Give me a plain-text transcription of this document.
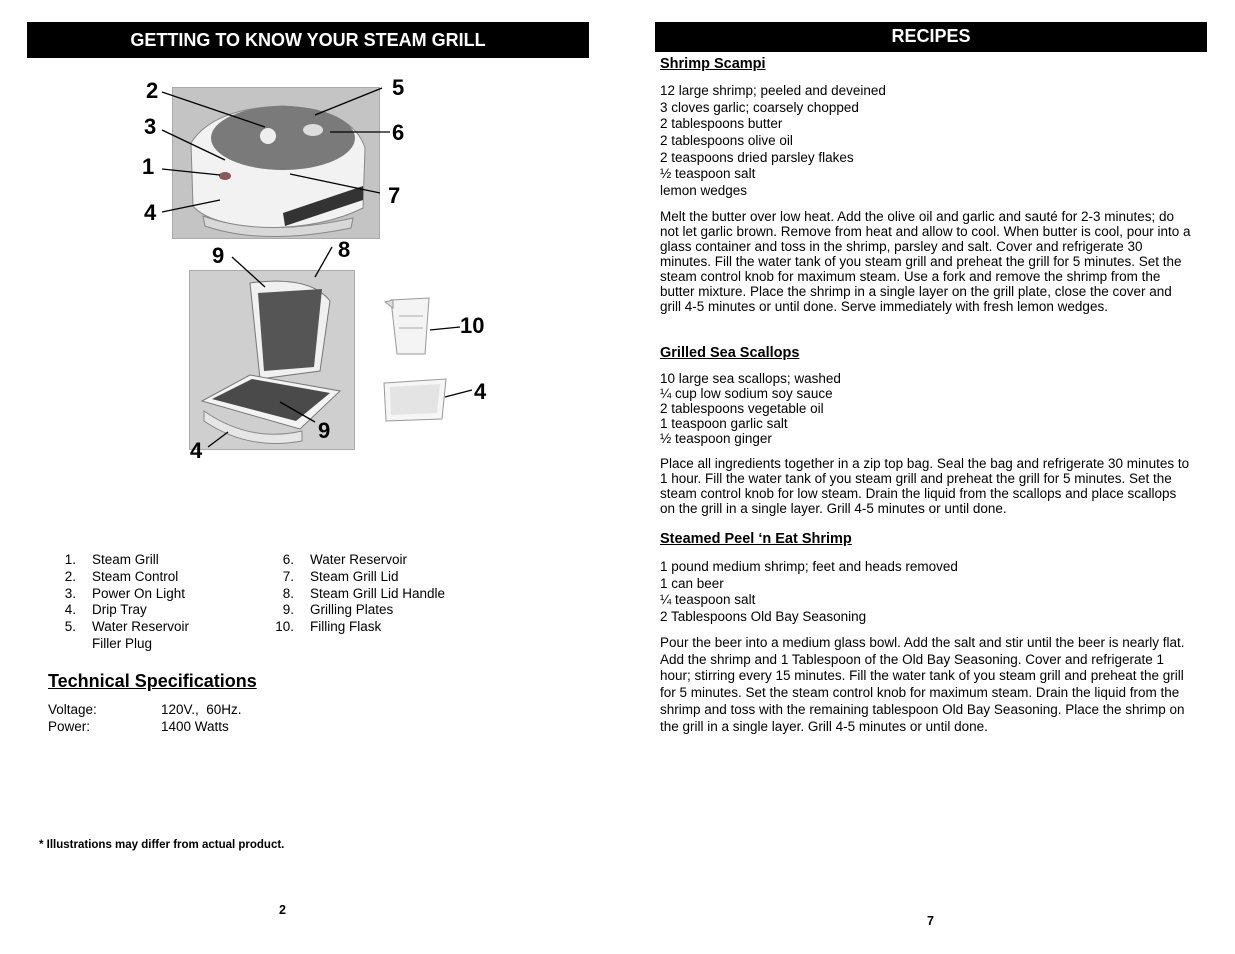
GETTING TO KNOW YOUR STEAM GRILL
2	5
3	6
1
7
4
9	8
10
4
9
4
1.	Steam Grill
2.	Steam Control
3.	Power On Light
4.	Drip Tray
5.	Water Reservoir Filler Plug
6.	Water Reservoir
7.	Steam Grill Lid
8.	Steam Grill Lid Handle
9.	Grilling Plates
10.	Filling Flask
Technical Specifications
Voltage:	120V.,  60Hz.
Power:	1400 Watts
* Illustrations may differ from actual product.
2
RECIPES
Shrimp Scampi
12 large shrimp; peeled and deveined
3 cloves garlic; coarsely chopped
2 tablespoons butter
2 tablespoons olive oil
2 teaspoons dried parsley flakes
½ teaspoon salt
lemon wedges
Melt the butter over low heat. Add the olive oil and garlic and sauté for 2-3 minutes; do not let garlic brown. Remove from heat and allow to cool. When butter is cool, pour into a glass container and toss in the shrimp, parsley and salt. Cover and refrigerate 30 minutes. Fill the water tank of you steam grill and preheat the grill for 5 minutes. Set the steam control knob for maximum steam. Use a fork and remove the shrimp from the butter mixture. Place the shrimp in a single layer on the grill plate, close the cover and grill 4-5 minutes or until done. Serve immediately with fresh lemon wedges.
Grilled Sea Scallops
10 large sea scallops; washed
¼ cup low sodium soy sauce
2 tablespoons vegetable oil
1 teaspoon garlic salt
½ teaspoon ginger
Place all ingredients together in a zip top bag. Seal the bag and refrigerate 30 minutes to 1 hour. Fill the water tank of you steam grill and preheat the grill for 5 minutes. Set the steam control knob for low steam. Drain the liquid from the scallops and place scallops on the grill in a single layer. Grill 4-5 minutes or until done.
Steamed Peel ‘n Eat Shrimp
1 pound medium shrimp; feet and heads removed
1 can beer
¼ teaspoon salt
2 Tablespoons Old Bay Seasoning
Pour the beer into a medium glass bowl. Add the salt and stir until the beer is nearly flat. Add the shrimp and 1 Tablespoon of the Old Bay Seasoning. Cover and refrigerate 1 hour; stirring every 15 minutes. Fill the water tank of you steam grill and preheat the grill for 5 minutes. Set the steam control knob for maximum steam. Drain the liquid from the shrimp and toss with the remaining tablespoon Old Bay Seasoning. Place the shrimp on the grill in a single layer. Grill 4-5 minutes or until done.
7
